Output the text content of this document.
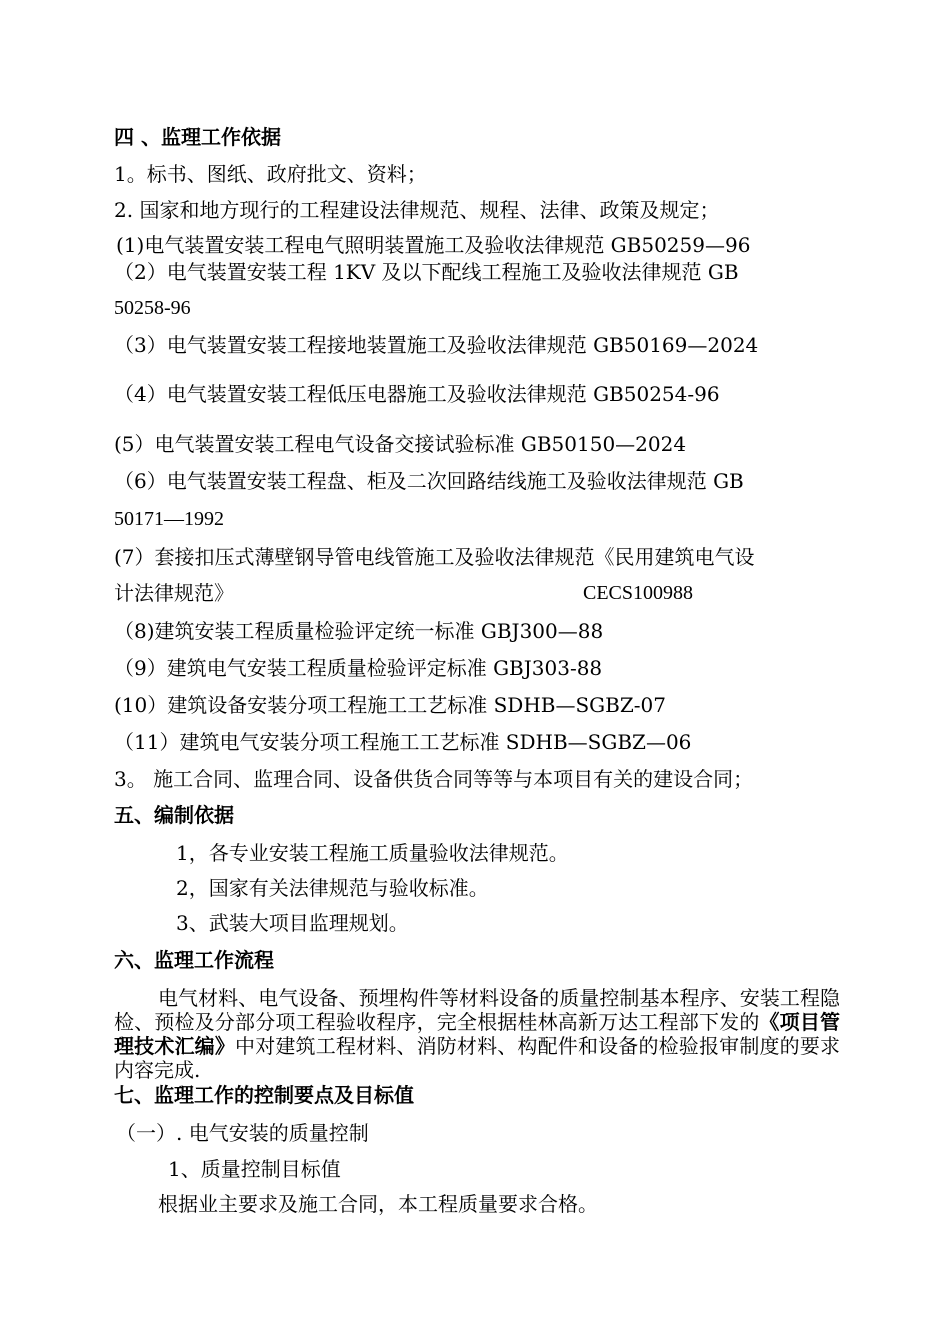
四 、监理工作依据
1。标书、图纸、政府批文、资料；
2. 国家和地方现行的工程建设法律规范、规程、法律、政策及规定；
(1)电气装置安装工程电气照明装置施工及验收法律规范 GB50259—96
（2）电气装置安装工程 1KV 及以下配线工程施工及验收法律规范 GB
50258-96
（3）电气装置安装工程接地装置施工及验收法律规范 GB50169—2024
（4）电气装置安装工程低压电器施工及验收法律规范 GB50254-96
(5）电气装置安装工程电气设备交接试验标准 GB50150—2024
（6）电气装置安装工程盘、柜及二次回路结线施工及验收法律规范 GB
50171—1992
(7）套接扣压式薄壁钢导管电线管施工及验收法律规范《民用建筑电气设
计法律规范》	CECS100988
（8)建筑安装工程质量检验评定统一标准 GBJ300—88
（9）建筑电气安装工程质量检验评定标准 GBJ303-88
(10）建筑设备安装分项工程施工工艺标准 SDHB—SGBZ-07
（11）建筑电气安装分项工程施工工艺标准 SDHB—SGBZ—06
3。 施工合同、监理合同、设备供货合同等等与本项目有关的建设合同；
五、编制依据
1，各专业安装工程施工质量验收法律规范。
2，国家有关法律规范与验收标准。
3、武装大项目监理规划。
六、监理工作流程
电气材料、电气设备、预埋构件等材料设备的质量控制基本程序、安装工程隐检、预检及分部分项工程验收程序，完全根据桂林高新万达工程部下发的《项目管理技术汇编》中对建筑工程材料、消防材料、构配件和设备的检验报审制度的要求内容完成.
七、监理工作的控制要点及目标值
（一）. 电气安装的质量控制
1、质量控制目标值
根据业主要求及施工合同，本工程质量要求合格。
